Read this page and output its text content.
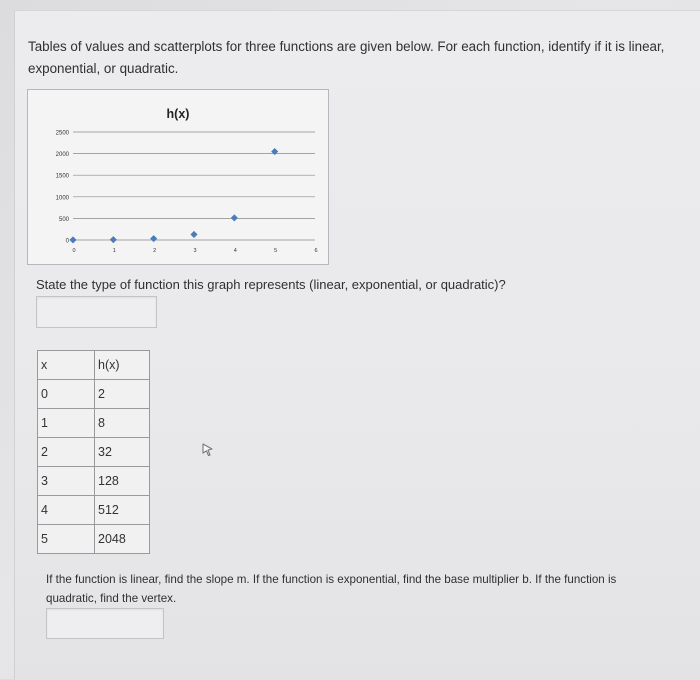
Tables of values and scatterplots for three functions are given below. For each function, identify if it is linear, exponential, or quadratic.

h(x)
0
500
1000
1500
2000
2500
0	1	2	3	4	5	6

State the type of function this graph represents (linear, exponential, or quadratic)?

x	h(x)
0	2
1	8
2	32
3	128
4	512
5	2048

If the function is linear, find the slope m. If the function is exponential, find the base multiplier b. If the function is quadratic, find the vertex.
